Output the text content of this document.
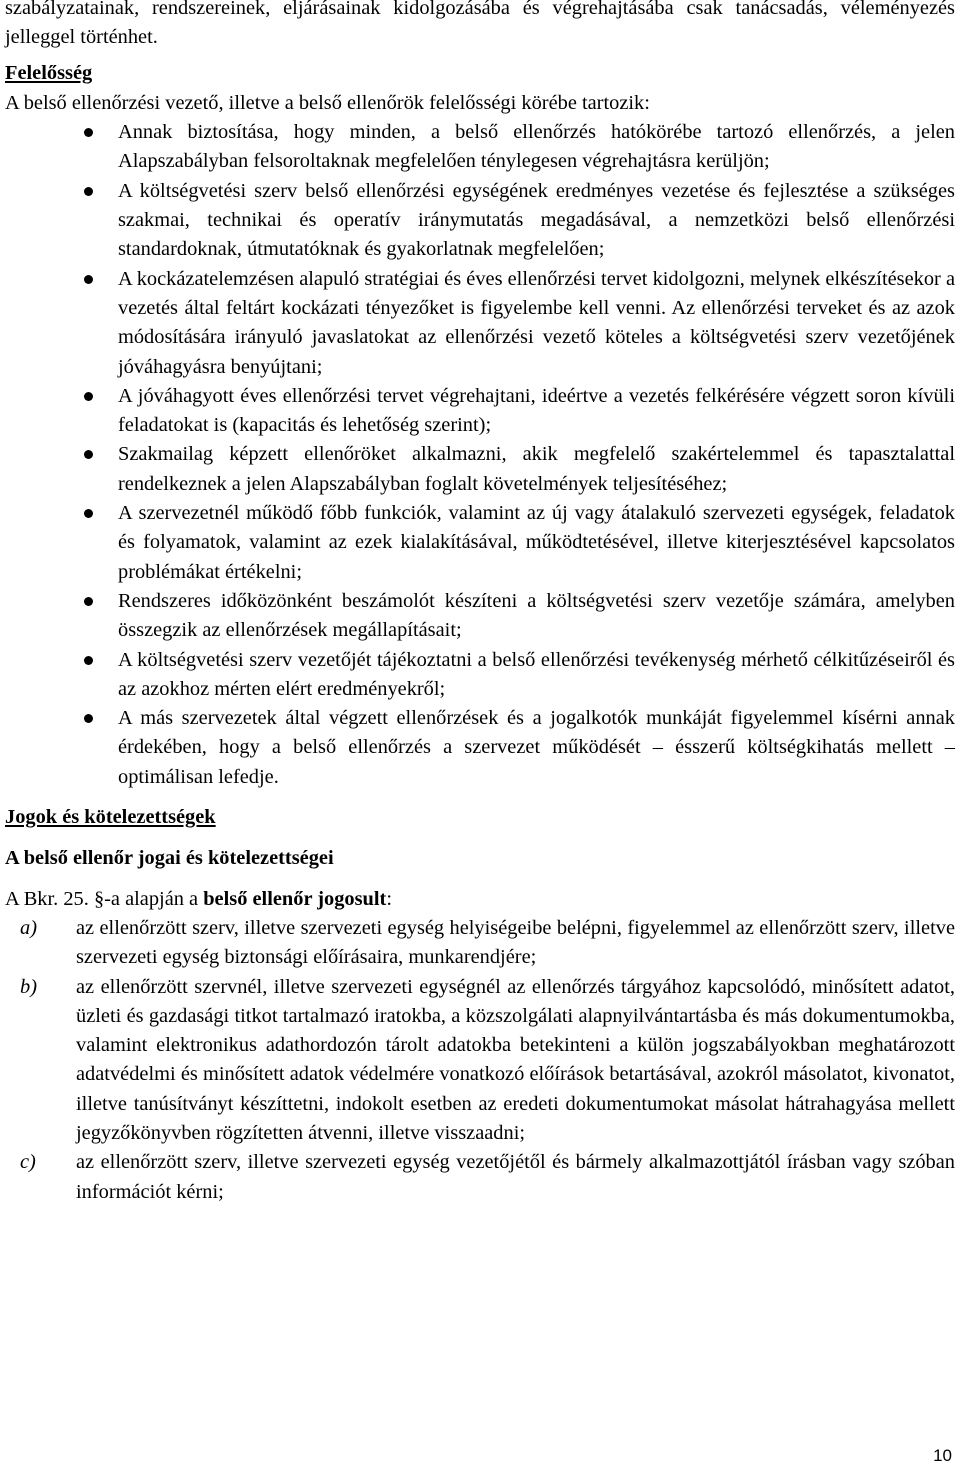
szabályzatainak, rendszereinek, eljárásainak kidolgozásába és végrehajtásába csak tanácsadás, véleményezés jelleggel történhet.

Felelősség

A belső ellenőrzési vezető, illetve a belső ellenőrök felelősségi körébe tartozik:

Annak biztosítása, hogy minden, a belső ellenőrzés hatókörébe tartozó ellenőrzés, a jelen Alapszabályban felsoroltaknak megfelelően ténylegesen végrehajtásra kerüljön;
A költségvetési szerv belső ellenőrzési egységének eredményes vezetése és fejlesztése a szükséges szakmai, technikai és operatív iránymutatás megadásával, a nemzetközi belső ellenőrzési standardoknak, útmutatóknak és gyakorlatnak megfelelően;
A kockázatelemzésen alapuló stratégiai és éves ellenőrzési tervet kidolgozni, melynek elkészítésekor a vezetés által feltárt kockázati tényezőket is figyelembe kell venni. Az ellenőrzési terveket és az azok módosítására irányuló javaslatokat az ellenőrzési vezető köteles a költségvetési szerv vezetőjének jóváhagyásra benyújtani;
A jóváhagyott éves ellenőrzési tervet végrehajtani, ideértve a vezetés felkérésére végzett soron kívüli feladatokat is (kapacitás és lehetőség szerint);
Szakmailag képzett ellenőröket alkalmazni, akik megfelelő szakértelemmel és tapasztalattal rendelkeznek a jelen Alapszabályban foglalt követelmények teljesítéséhez;
A szervezetnél működő főbb funkciók, valamint az új vagy átalakuló szervezeti egységek, feladatok és folyamatok, valamint az ezek kialakításával, működtetésével, illetve kiterjesztésével kapcsolatos problémákat értékelni;
Rendszeres időközönként beszámolót készíteni a költségvetési szerv vezetője számára, amelyben összegzik az ellenőrzések megállapításait;
A költségvetési szerv vezetőjét tájékoztatni a belső ellenőrzési tevékenység mérhető célkitűzéseiről és az azokhoz mérten elért eredményekről;
A más szervezetek által végzett ellenőrzések és a jogalkotók munkáját figyelemmel kísérni annak érdekében, hogy a belső ellenőrzés a szervezet működését – ésszerű költségkihatás mellett – optimálisan lefedje.

Jogok és kötelezettségek

A belső ellenőr jogai és kötelezettségei

A Bkr. 25. §-a alapján a belső ellenőr jogosult:

a) az ellenőrzött szerv, illetve szervezeti egység helyiségeibe belépni, figyelemmel az ellenőrzött szerv, illetve szervezeti egység biztonsági előírásaira, munkarendjére;
b) az ellenőrzött szervnél, illetve szervezeti egységnél az ellenőrzés tárgyához kapcsolódó, minősített adatot, üzleti és gazdasági titkot tartalmazó iratokba, a közszolgálati alapnyilvántartásba és más dokumentumokba, valamint elektronikus adathordozón tárolt adatokba betekinteni a külön jogszabályokban meghatározott adatvédelmi és minősített adatok védelmére vonatkozó előírások betartásával, azokról másolatot, kivonatot, illetve tanúsítványt készíttetni, indokolt esetben az eredeti dokumentumokat másolat hátrahagyása mellett jegyzőkönyvben rögzítetten átvenni, illetve visszaadni;
c) az ellenőrzött szerv, illetve szervezeti egység vezetőjétől és bármely alkalmazottjától írásban vagy szóban információt kérni;
10
